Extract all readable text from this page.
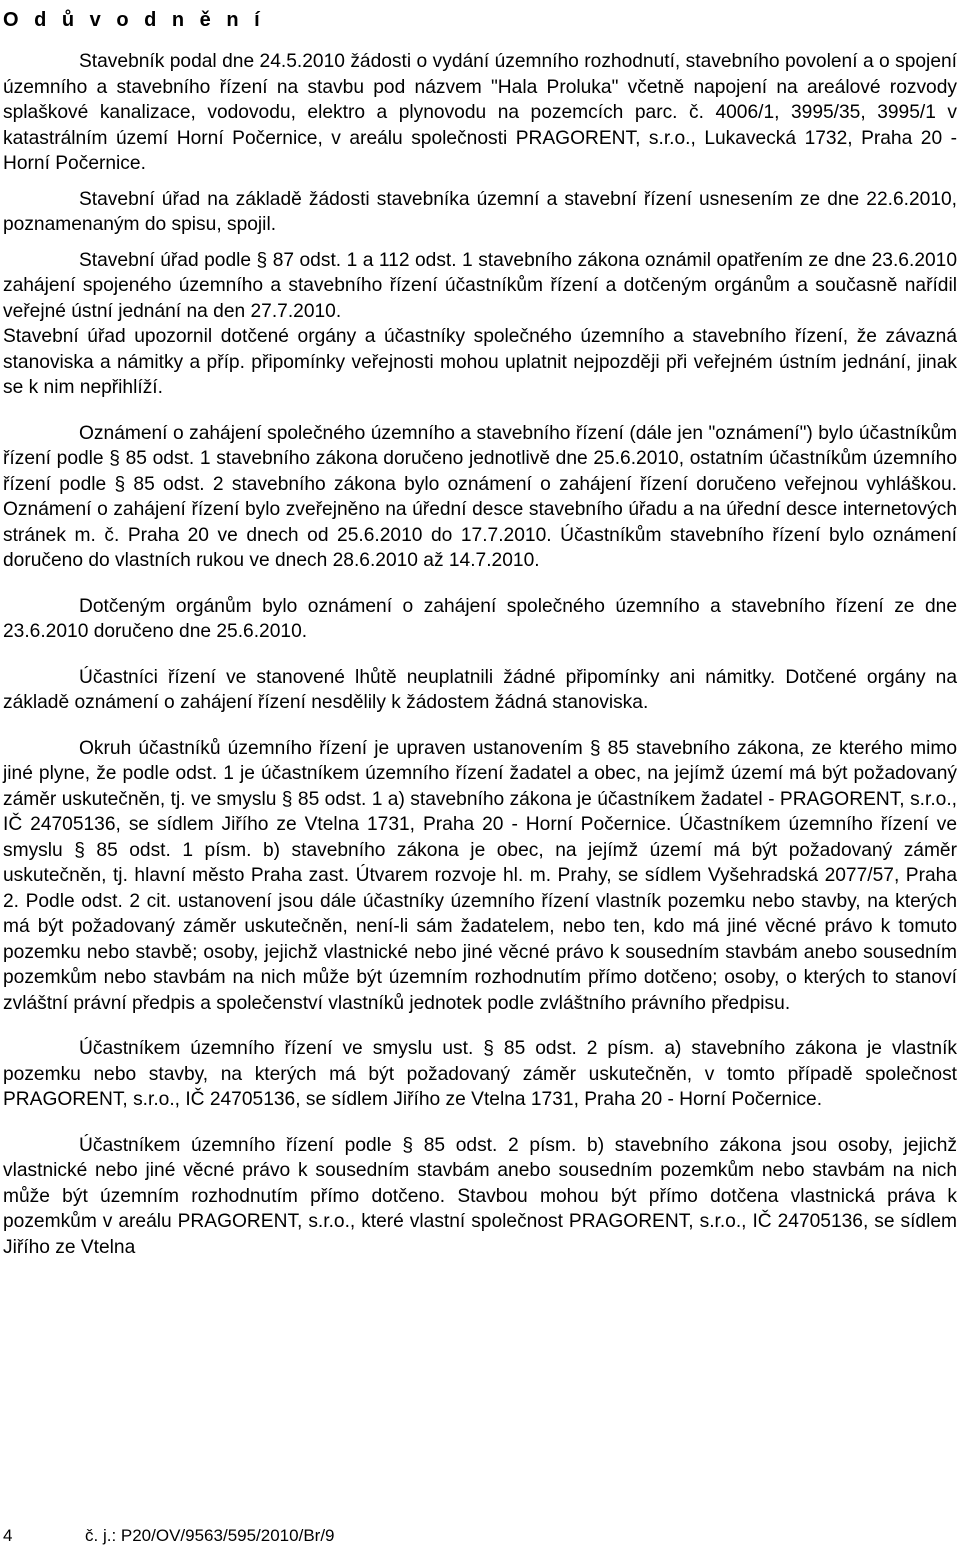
O d ů v o d n ě n í

Stavebník podal dne 24.5.2010 žádosti o vydání územního rozhodnutí, stavebního povolení a o spojení územního a stavebního řízení na stavbu pod názvem "Hala Proluka" včetně napojení na areálové rozvody splaškové kanalizace, vodovodu, elektro a plynovodu na pozemcích parc. č. 4006/1, 3995/35, 3995/1 v katastrálním území Horní Počernice, v areálu společnosti PRAGORENT, s.r.o., Lukavecká 1732, Praha 20 - Horní Počernice.

Stavební úřad na základě žádosti stavebníka územní a stavební řízení usnesením ze dne 22.6.2010, poznamenaným do spisu, spojil.

Stavební úřad podle § 87 odst. 1 a 112 odst. 1 stavebního zákona oznámil opatřením ze dne 23.6.2010 zahájení spojeného územního a stavebního řízení účastníkům řízení a dotčeným orgánům a současně nařídil veřejné ústní jednání na den 27.7.2010.

Stavební úřad upozornil dotčené orgány a účastníky společného územního a stavebního řízení, že závazná stanoviska a námitky a příp. připomínky veřejnosti mohou uplatnit nejpozději při veřejném ústním jednání, jinak se k nim nepřihlíží.

Oznámení o zahájení společného územního a stavebního řízení (dále jen "oznámení") bylo účastníkům řízení podle § 85 odst. 1 stavebního zákona doručeno jednotlivě dne 25.6.2010, ostatním účastníkům územního řízení podle § 85 odst. 2 stavebního zákona bylo oznámení o zahájení řízení doručeno veřejnou vyhláškou. Oznámení o zahájení řízení bylo zveřejněno na úřední desce stavebního úřadu a na úřední desce internetových stránek m. č. Praha 20 ve dnech od 25.6.2010 do 17.7.2010. Účastníkům stavebního řízení bylo oznámení doručeno do vlastních rukou ve dnech 28.6.2010 až 14.7.2010.

Dotčeným orgánům bylo oznámení o zahájení společného územního a stavebního řízení ze dne 23.6.2010 doručeno dne 25.6.2010.

Účastníci řízení ve stanovené lhůtě neuplatnili žádné připomínky ani námitky. Dotčené orgány na základě oznámení o zahájení řízení nesdělily k žádostem žádná stanoviska.

Okruh účastníků územního řízení je upraven ustanovením § 85 stavebního zákona, ze kterého mimo jiné plyne, že podle odst. 1 je účastníkem územního řízení žadatel a obec, na jejímž území má být požadovaný záměr uskutečněn, tj. ve smyslu § 85 odst. 1 a) stavebního zákona je účastníkem žadatel - PRAGORENT, s.r.o., IČ 24705136, se sídlem Jiřího ze Vtelna 1731, Praha 20 - Horní Počernice. Účastníkem územního řízení ve smyslu § 85 odst. 1 písm. b) stavebního zákona je obec, na jejímž území má být požadovaný záměr uskutečněn, tj. hlavní město Praha zast. Útvarem rozvoje hl. m. Prahy, se sídlem Vyšehradská 2077/57, Praha 2. Podle odst. 2 cit. ustanovení jsou dále účastníky územního řízení vlastník pozemku nebo stavby, na kterých má být požadovaný záměr uskutečněn, není-li sám žadatelem, nebo ten, kdo má jiné věcné právo k tomuto pozemku nebo stavbě; osoby, jejichž vlastnické nebo jiné věcné právo k sousedním stavbám anebo sousedním pozemkům nebo stavbám na nich může být územním rozhodnutím přímo dotčeno; osoby, o kterých to stanoví zvláštní právní předpis a společenství vlastníků jednotek podle zvláštního právního předpisu.

Účastníkem územního řízení ve smyslu ust. § 85 odst. 2 písm. a) stavebního zákona je vlastník pozemku nebo stavby, na kterých má být požadovaný záměr uskutečněn, v tomto případě společnost PRAGORENT, s.r.o., IČ 24705136, se sídlem Jiřího ze Vtelna 1731, Praha 20 - Horní Počernice.

Účastníkem územního řízení podle § 85 odst. 2 písm. b) stavebního zákona jsou osoby, jejichž vlastnické nebo jiné věcné právo k sousedním stavbám anebo sousedním pozemkům nebo stavbám na nich může být územním rozhodnutím přímo dotčeno. Stavbou mohou být přímo dotčena vlastnická práva k pozemkům v areálu PRAGORENT, s.r.o., které vlastní společnost PRAGORENT, s.r.o., IČ 24705136, se sídlem Jiřího ze Vtelna

4	č. j.: P20/OV/9563/595/2010/Br/9
